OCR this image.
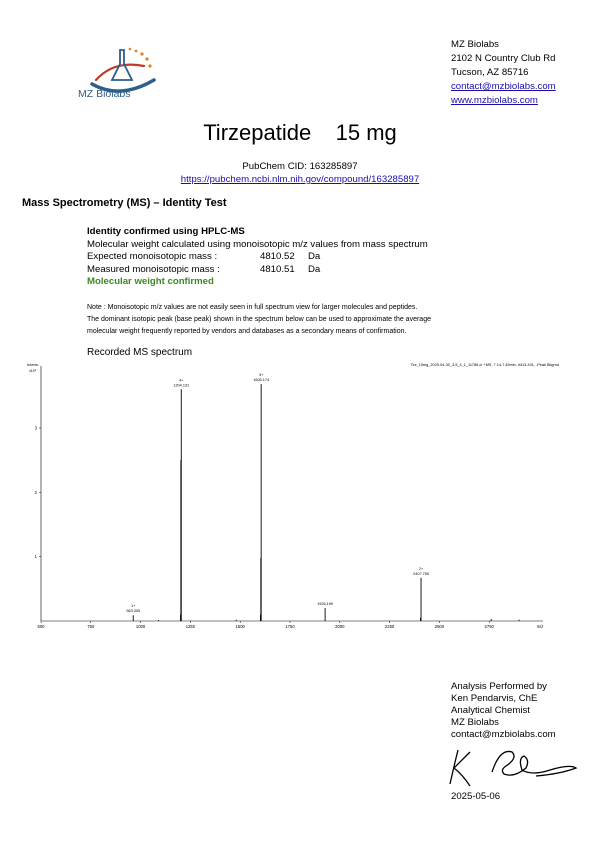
MZ Biolabs
MZ Biolabs
2102 N Country Club Rd
Tucson, AZ 85716
contact@mzbiolabs.com
www.mzbiolabs.com
Tirzepatide    15 mg
PubChem CID: 163285897
https://pubchem.ncbi.nlm.nih.gov/compound/163285897
Mass Spectrometry (MS) – Identity Test
Identity confirmed using HPLC-MS
Molecular weight calculated using monoisotopic m/z values from mass spectrum
Expected monoisotopic mass :	4810.52	Da
Measured monoisotopic mass :	4810.51	Da
Molecular weight confirmed
Note : Monoisotopic m/z values are not easily seen in full spectrum view for larger molecules and peptides.
The dominant isotopic peak (base peak) shown in the spectrum below can be used to approximate the average
molecular weight frequently reported by vendors and databases as a secondary means of confirmation.
Recorded MS spectrum
Tirz_15mg_2025-04-30_3-5_4_1_11786.d: +MS, 7.14-7.45min, #413-431, -Peak Bkgrnd
Intens.
x10⁶
500	750	1000	1250	1500	1750	2000	2250	2500	2750	m/z
1
2
3
1+
963.305
4+
1204.131
3+
1605.174
1926.199
2+
2407.755
Analysis Performed by
Ken Pendarvis, ChE
Analytical Chemist
MZ Biolabs
contact@mzbiolabs.com
2025-05-06
